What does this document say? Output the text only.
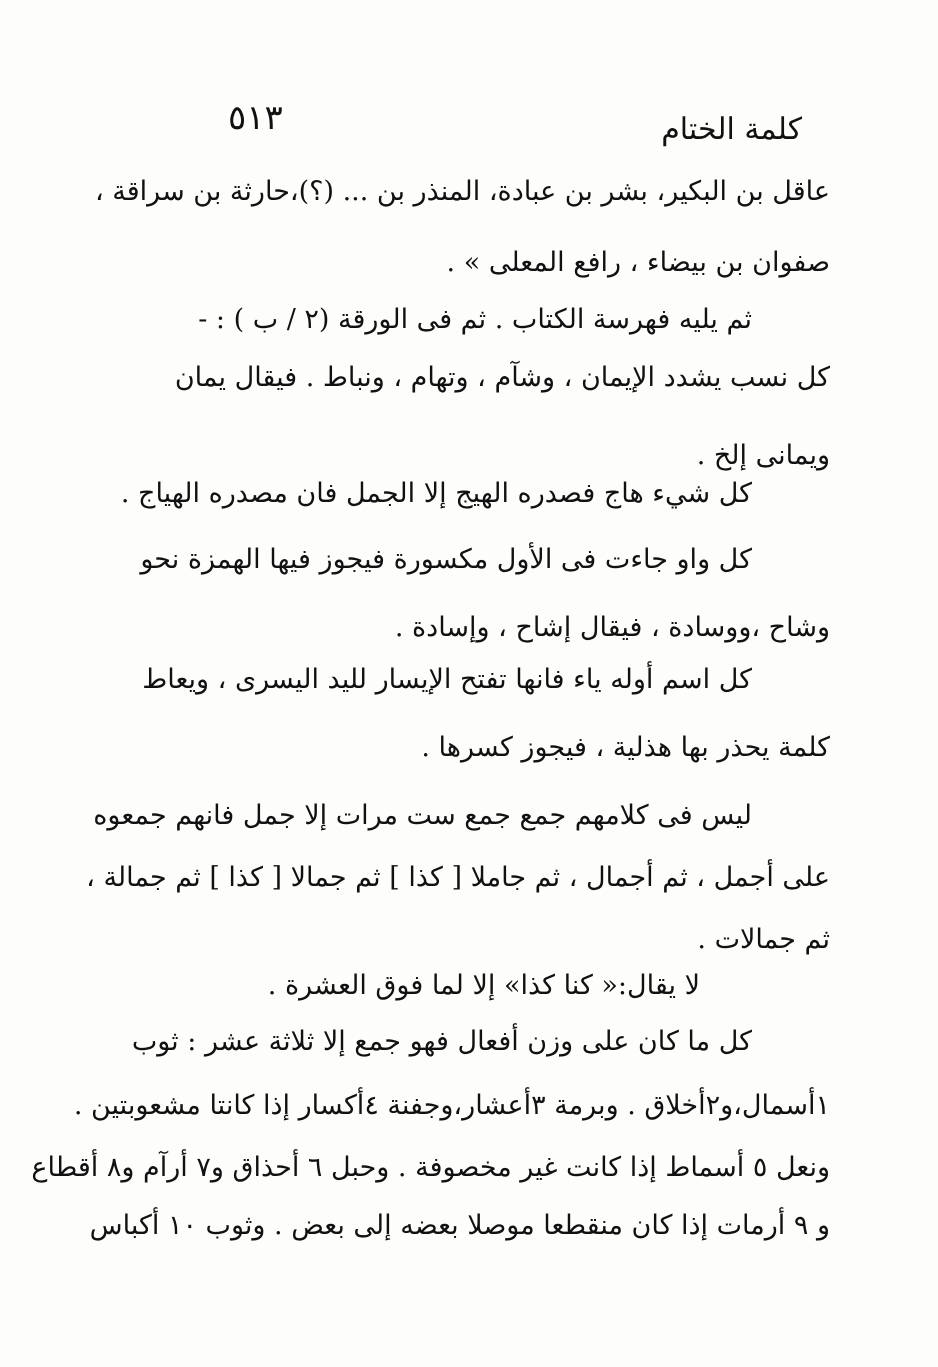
٥١٣	كلمة الختام
عاقل بن البكير، بشر بن عبادة، المنذر بن ... (؟)،حارثة بن سراقة ،
صفوان بن بيضاء ، رافع المعلى » .
ثم يليه فهرسة الكتاب . ثم فى الورقة (٢ / ب ) : -
كل نسب يشدد الإيمان ، وشآم ، وتهام ، ونباط . فيقال يمان
ويمانى إلخ .
كل شيء هاج فصدره الهيج إلا الجمل فان مصدره الهياج .
كل واو جاءت فى الأول مكسورة فيجوز فيها الهمزة نحو
وشاح ،ووسادة ، فيقال إشاح ، وإسادة .
كل اسم أوله ياء فانها تفتح الإيسار لليد اليسرى ، ويعاط
كلمة يحذر بها هذلية ، فيجوز كسرها .
ليس فى كلامهم جمع جمع ست مرات إلا جمل فانهم جمعوه
على أجمل ، ثم أجمال ، ثم جاملا [ كذا ] ثم جمالا [ كذا ] ثم جمالة ،
ثم جمالات .
لا يقال:« كنا كذا» إلا لما فوق العشرة .
كل ما كان على وزن أفعال فهو جمع إلا ثلاثة عشر : ثوب
١أسمال،و٢أخلاق . وبرمة ٣أعشار،وجفنة ٤أكسار إذا كانتا مشعوبتين .
ونعل ٥ أسماط إذا كانت غير مخصوفة . وحبل ٦ أحذاق و٧ أرآم و٨ أقطاع
و ٩ أرمات إذا كان منقطعا موصلا بعضه إلى بعض . وثوب ١٠ أكباس
